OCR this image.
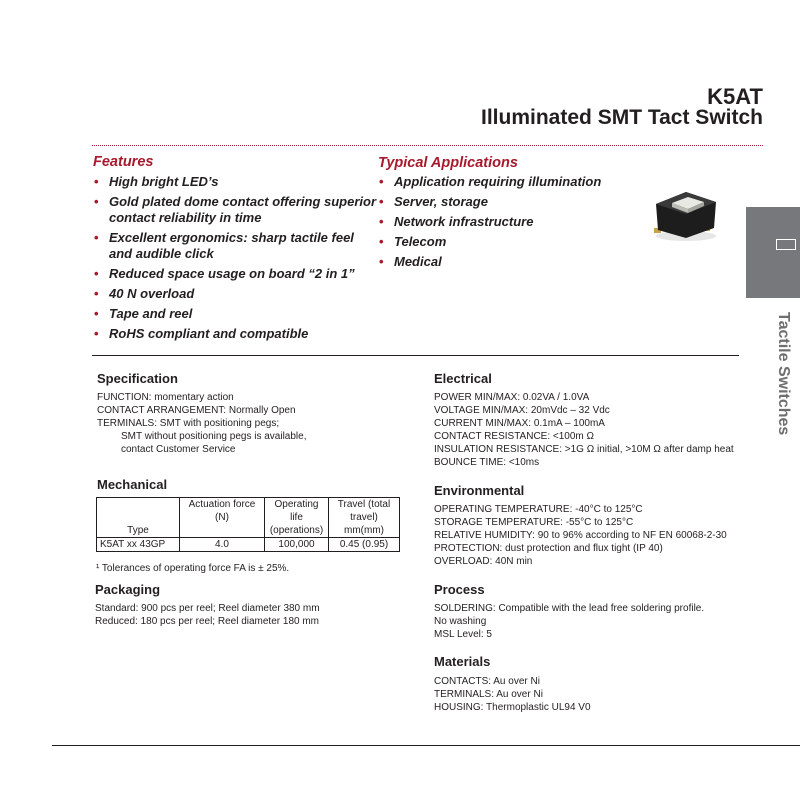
K5AT
Illuminated SMT Tact Switch
Features
• High bright LED’s
• Gold plated dome contact offering superior contact reliability in time
• Excellent ergonomics: sharp tactile feel and audible click
• Reduced space usage on board “2 in 1”
• 40 N overload
• Tape and reel
• RoHS compliant and compatible
Typical Applications
• Application requiring illumination
• Server, storage
• Network infrastructure
• Telecom
• Medical
Tactile Switches
Specification
FUNCTION: momentary action
CONTACT ARRANGEMENT: Normally Open
TERMINALS: SMT with positioning pegs;
SMT without positioning pegs is available,
contact Customer Service
Mechanical
Type	Actuation force (N)	Operating life (operations)	Travel (total travel) mm(mm)
K5AT xx 43GP	4.0	100,000	0.45 (0.95)
¹ Tolerances of operating force FA is ± 25%.
Packaging
Standard: 900 pcs per reel; Reel diameter 380 mm
Reduced: 180 pcs per reel; Reel diameter 180 mm
Electrical
POWER MIN/MAX: 0.02VA / 1.0VA
VOLTAGE MIN/MAX: 20mVdc – 32 Vdc
CURRENT MIN/MAX: 0.1mA – 100mA
CONTACT RESISTANCE: <100m Ω
INSULATION RESISTANCE: >1G Ω initial, >10M Ω after damp heat
BOUNCE TIME: <10ms
Environmental
OPERATING TEMPERATURE: -40°C to 125°C
STORAGE TEMPERATURE: -55°C to 125°C
RELATIVE HUMIDITY: 90 to 96% according to NF EN 60068-2-30
PROTECTION: dust protection and flux tight (IP 40)
OVERLOAD: 40N min
Process
SOLDERING: Compatible with the lead free soldering profile.
No washing
MSL Level: 5
Materials
CONTACTS: Au over Ni
TERMINALS: Au over Ni
HOUSING: Thermoplastic UL94 V0
